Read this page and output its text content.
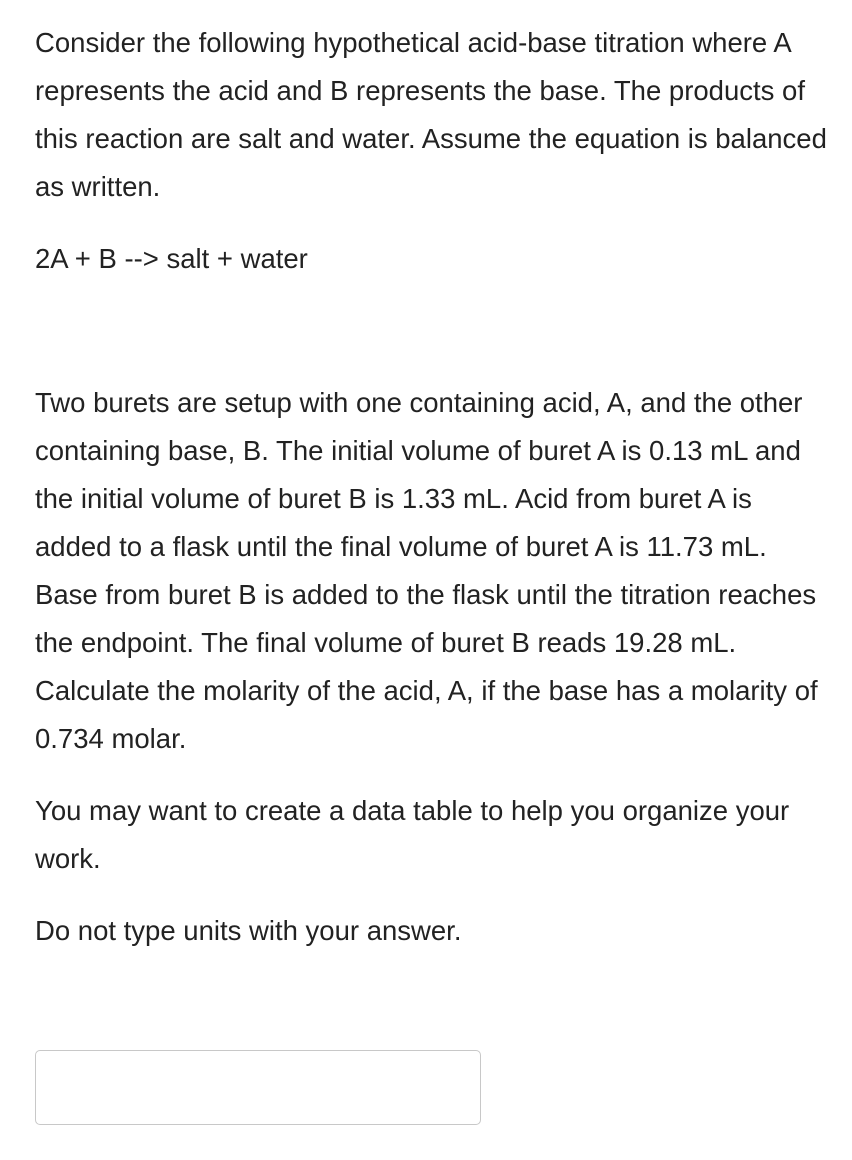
Consider the following hypothetical acid-base titration where A represents the acid and B represents the base. The products of this reaction are salt and water. Assume the equation is balanced as written.

2A + B --> salt + water

Two burets are setup with one containing acid, A, and the other containing base, B. The initial volume of buret A is 0.13 mL and the initial volume of buret B is 1.33 mL. Acid from buret A is added to a flask until the final volume of buret A is 11.73 mL. Base from buret B is added to the flask until the titration reaches the endpoint. The final volume of buret B reads 19.28 mL. Calculate the molarity of the acid, A, if the base has a molarity of 0.734 molar.

You may want to create a data table to help you organize your work.

Do not type units with your answer.
